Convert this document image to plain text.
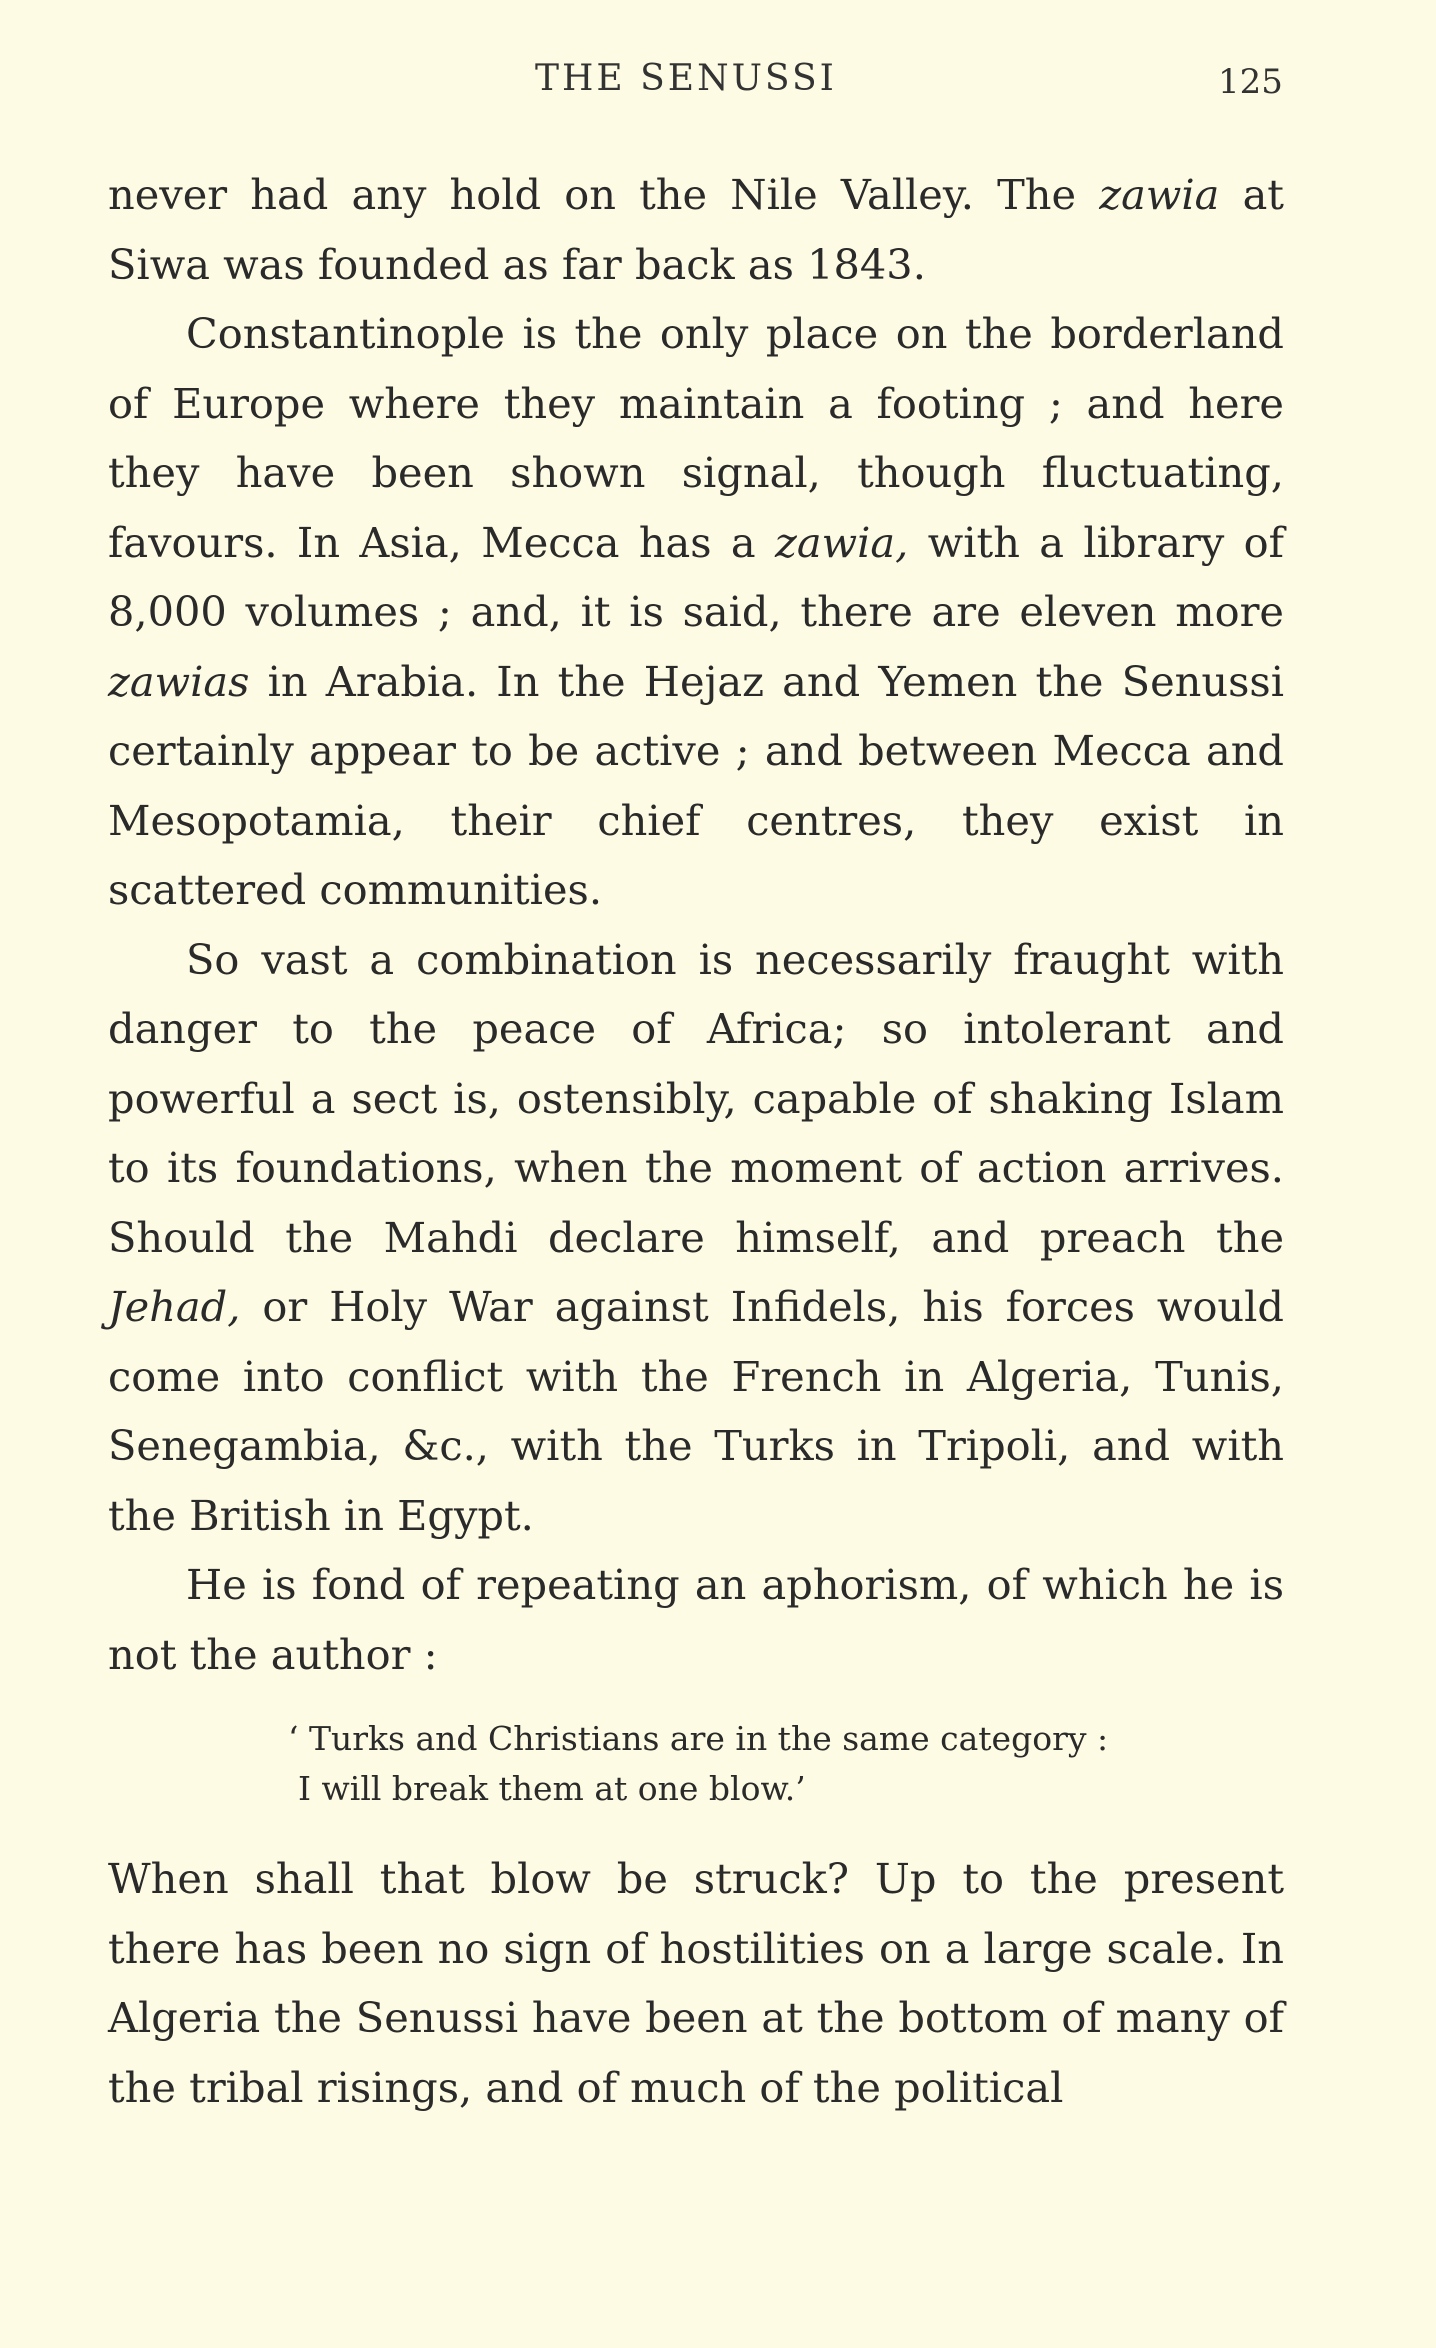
THE SENUSSI	125

never had any hold on the Nile Valley. The zawia at Siwa was founded as far back as 1843.

Constantinople is the only place on the borderland of Europe where they maintain a footing ; and here they have been shown signal, though fluctuating, favours. In Asia, Mecca has a zawia, with a library of 8,000 volumes ; and, it is said, there are eleven more zawias in Arabia. In the Hejaz and Yemen the Senussi certainly appear to be active ; and between Mecca and Mesopotamia, their chief centres, they exist in scattered communities.

So vast a combination is necessarily fraught with danger to the peace of Africa; so intolerant and powerful a sect is, ostensibly, capable of shaking Islam to its foundations, when the moment of action arrives. Should the Mahdi declare himself, and preach the Jehad, or Holy War against Infidels, his forces would come into conflict with the French in Algeria, Tunis, Senegambia, &c., with the Turks in Tripoli, and with the British in Egypt.

He is fond of repeating an aphorism, of which he is not the author :

‘ Turks and Christians are in the same category :
I will break them at one blow.’

When shall that blow be struck? Up to the present there has been no sign of hostilities on a large scale. In Algeria the Senussi have been at the bottom of many of the tribal risings, and of much of the political
